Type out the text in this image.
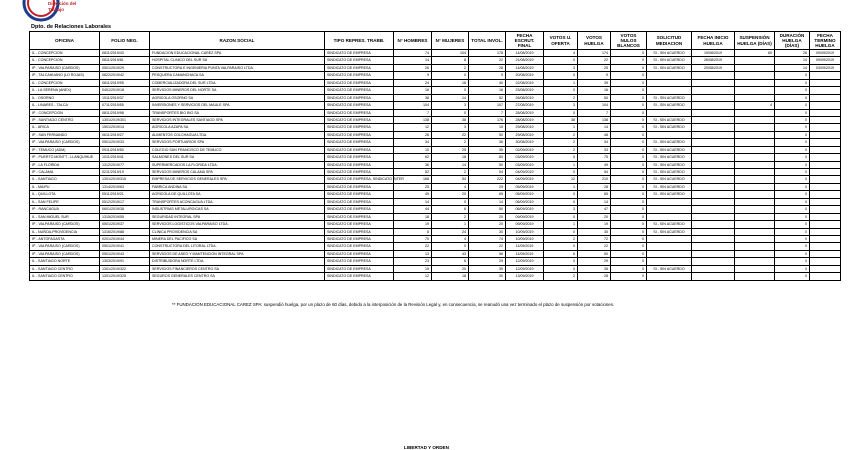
Dirección del
Trabajo
Dpto. de Relaciones Laborales
OFICINA	FOLIO NEG.	RAZON SOCIAL	TIPO REPRES. TRABB.	N° HOMBRES	N° MUJERES	TOTAL INVOL.	FECHA ESCRUT. FINAL	VOTOS U. OFERTA	VOTOS HUELGA	VOTOS NULOS BLANCOS	SOLICITUD MEDIACION	FECHA INICIO HUELGA	SUSPENSIÓN HUELGA (DÍAS)	DURACIÓN HUELGA (DÍAS)	FECHA TERMINO HUELGA
IL - CONCEPCION	0811/2019/43	FUNDACION EDUCACIONAL CAREZ SPA	SINDICATO DE EMPRESA	74	104	178	14/08/2019	4	174	0	SI - SIN ACUERDO	19/08/2019	60	26	09/09/2019
IL - CONCEPCION	0811/2019/81	HOSPITAL CLINICO DEL SUR SA	SINDICATO DE EMPRESA	14	8	22	21/08/2019	0	22	0	SI - SIN ACUERDO	26/08/2019		14	09/09/2019
IP - VALPARAISO (CARDOS)	0501/2019/29	CONSTRUCTORA E INGENIERIA PUNTA VALPARAISO LTDA.	SINDICATO DE EMPRESA	26	2	28	14/08/2019	3	25	0	SI - SIN ACUERDO	20/08/2019		14	03/09/2019
IP - TALCAHUANO (LO ROJAS)	0822/2019/42	PESQUERA CAMANCHACA SA	SINDICATO DE EMPRESA	9	0	9	20/08/2019	0	9	0				0	
IL - CONCEPCION	0811/2019/95	COMERCIALIZADORA DEL SUR LTDA.	SINDICATO DE EMPRESA	24	16	40	22/08/2019	1	39	0				0	
IL - LA SERENA (ANEX)	0401/2019/18	SERVICIOS MINEROS DEL NORTE SA	SINDICATO DE EMPRESA	16	0	16	23/08/2019	0	16	0				0	
IL - OSORNO	1011/2019/37	AGRICOLA OSORNO SA	SINDICATO DE EMPRESA	38	14	52	26/08/2019	2	50	0	SI - SIN ACUERDO			0	
IL - LINARES - TALCA	0711/2019/55	INVERSIONES Y SERVICIOS DEL MAULE SPA	SINDICATO DE EMPRESA	104	3	107	27/08/2019	3	104	0	SI - SIN ACUERDO		4	0	
IP - CONCEPCION	0811/2019/98	TRANSPORTES BIO BIO SA	SINDICATO DE EMPRESA	7	0	7	28/08/2019	0	7	0				0	
IP - SANTIAGO CENTRO	1301/2019/301	SERVICIOS INTEGRALES SANTIAGO SPA	SINDICATO DE EMPRESA	138	38	176	28/08/2019	38	138	0	SI - SIN ACUERDO			0	
IL - ARICA	1501/2019/14	AGRICOLA AZAPA SA	SINDICATO DE EMPRESA	12	3	15	29/08/2019	1	14	0	SI - SIN ACUERDO			0	
IP - SAN FERNANDO	0611/2019/27	ALIMENTOS COLCHAGUA LTDA.	SINDICATO DE EMPRESA	28	22	50	29/08/2019	2	48	0				0	
IP - VALPARAISO (CARDOS)	0501/2019/33	SERVICIOS PORTUARIOS SPA	SINDICATO DE EMPRESA	34	2	36	30/08/2019	2	34	0	SI - SIN ACUERDO			0	
IP - TEMUCO (ADM)	0911/2019/50	COLEGIO SAN FRANCISCO DE TEMUCO	SINDICATO DE EMPRESA	10	25	35	02/09/2019	2	33	0	SI - SIN ACUERDO			0	
IP - PUERTO MONTT - LLANQUIHUE	1011/2019/41	SALMONES DEL SUR SA	SINDICATO DE EMPRESA	62	18	80	03/09/2019	5	75	0	SI - SIN ACUERDO			0	
IP - LA FLORIDA	1312/2019/77	SUPERMERCADOS LA FLORIDA LTDA.	SINDICATO DE EMPRESA	36	14	50	03/09/2019	1	49	0	SI - SIN ACUERDO			0	
IP - CALAMA	0211/2019/19	SERVICIOS MINEROS CALAMA SPA	SINDICATO DE EMPRESA	52	2	54	04/09/2019	0	54	0	SI - SIN ACUERDO			0	
IL - SANTIAGO	1301/2019/315	EMPRESA DE SERVICIOS GENERALES SPA	SINDICATO DE EMPRESA, SINDICATO INTER	168	54	222	04/09/2019	12	210	0	SI - SIN ACUERDO			0	
IL - MAIPU	1314/2019/63	FABRICA ANDINA SA	SINDICATO DE EMPRESA	25	4	29	05/09/2019	1	28	0	SI - SIN ACUERDO			0	
IL - QUILLOTA	0511/2019/21	AGRICOLA DE QUILLOTA SA	SINDICATO DE EMPRESA	45	20	65	05/09/2019	0	65	0	SI - SIN ACUERDO			0	
IL - SAN FELIPE	0512/2019/17	TRANSPORTES ACONCAGUA LTDA.	SINDICATO DE EMPRESA	14	0	14	06/09/2019	0	14	0				0	
IP - RANCAGUA	0601/2019/38	INDUSTRIAS METALURGICAS SA	SINDICATO DE EMPRESA	44	6	50	06/09/2019	3	47	0				0	
IL - SAN MIGUEL SUR	1315/2019/55	SEGURIDAD INTEGRAL SPA	SINDICATO DE EMPRESA	18	2	20	09/09/2019	0	20	0				0	
IP - VALPARAISO (CARDOS)	0501/2019/37	SERVICIOS LOGISTICOS VALPARAISO LTDA.	SINDICATO DE EMPRESA	19	1	20	09/09/2019	1	19	0	SI - SIN ACUERDO			0	
IL - NUÑOA-PROVIDENCIA	1316/2019/88	CLINICA PROVIDENCIA SA	SINDICATO DE EMPRESA	6	24	30	10/09/2019	0	30	0	SI - SIN ACUERDO			0	
IP - ANTOFAGASTA	0201/2019/44	MINERA DEL PACIFICO SA	SINDICATO DE EMPRESA	70	4	74	10/09/2019	2	72	0				0	
IP - VALPARAISO (CARDOS)	0501/2019/41	CONSTRUCTORA DEL LITORAL LTDA.	SINDICATO DE EMPRESA	22	0	22	11/09/2019	0	22	0				0	
IP - VALPARAISO (CARDOS)	0501/2019/43	SERVICIOS DE ASEO Y MANTENCION INTEGRAL SPA	SINDICATO DE EMPRESA	13	43	56	11/09/2019	6	50	0				0	
IL - SANTIAGO NORTE	1303/2019/91	DISTRIBUIDORA NORTE LTDA.	SINDICATO DE EMPRESA	23	6	29	12/09/2019	0	29	0				0	
IL - SANTIAGO CENTRO	1301/2019/322	SERVICIOS FINANCIEROS CENTRO SA	SINDICATO DE EMPRESA	15	20	35	12/09/2019	0	35	0	SI - SIN ACUERDO			0	
IL - SANTIAGO CENTRO	1301/2019/325	SEGUROS GENERALES CENTRO SA	SINDICATO DE EMPRESA	12	18	30	13/09/2019	2	28	0				0	
** FUNDACION EDUCACIONAL CAREZ SPA: suspendió huelga, por un plazo de 60 días, debido a la interposición de la Revisión Legal y, en consecuencia, se reanudó una vez terminado el plazo de suspensión por votaciones.
LIBERTAD Y ORDEN
